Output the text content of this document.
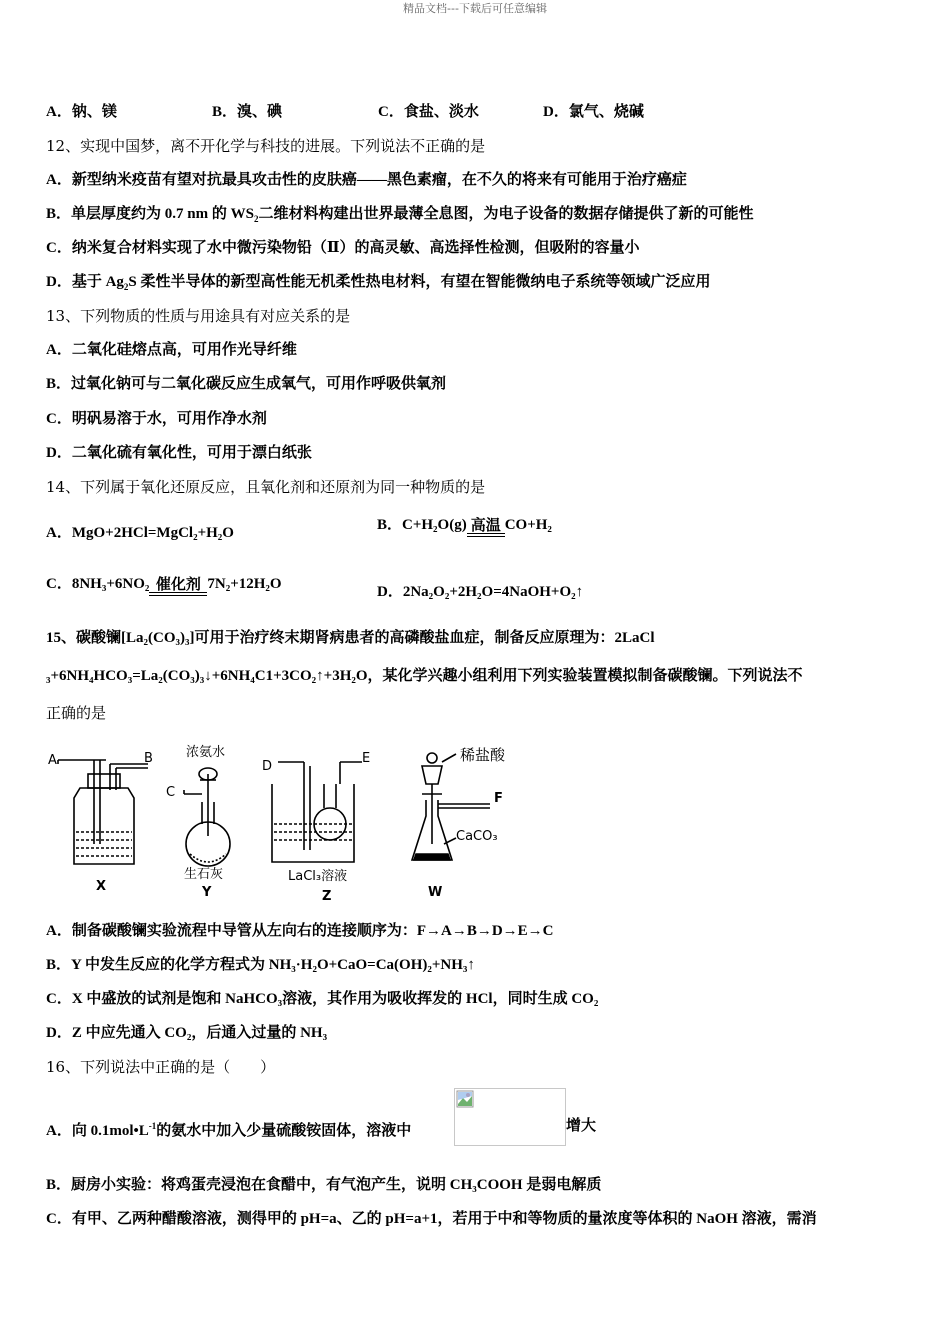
精品文档---下载后可任意编辑
A．钠、镁	B．溴、碘	C．食盐、淡水	D．氯气、烧碱
12、实现中国梦，离不开化学与科技的进展。下列说法不正确的是
A．新型纳米疫苗有望对抗最具攻击性的皮肤癌——黑色素瘤，在不久的将来有可能用于治疗癌症
B．单层厚度约为 0.7 nm 的 $WS_2$二维材料构建出世界最薄全息图，为电子设备的数据存储提供了新的可能性
C．纳米复合材料实现了水中微污染物铅（Ⅱ）的高灵敏、高选择性检测，但吸附的容量小
D．基于 $Ag_2S$ 柔性半导体的新型高性能无机柔性热电材料，有望在智能微纳电子系统等领域广泛应用
13、下列物质的性质与用途具有对应关系的是
A．二氧化硅熔点高，可用作光导纤维
B．过氧化钠可与二氧化碳反应生成氧气，可用作呼吸供氧剂
C．明矾易溶于水，可用作净水剂
D．二氧化硫有氧化性，可用于漂白纸张
14、下列属于氧化还原反应，且氧化剂和还原剂为同一种物质的是
A．MgO+2HCl=MgCl₂+H₂O	B．C+H₂O(g) 高温 CO+H₂
C．8NH₃+6NO₂ 催化剂 7N₂+12H₂O	D．2Na₂O₂+2H₂O=4NaOH+O₂↑
15、碳酸镧[La₂(CO₃)₃]可用于治疗终末期肾病患者的高磷酸盐血症，制备反应原理为：2LaCl
₃+6NH₄HCO₃=La₂(CO₃)₃↓+6NH₄C1+3CO₂↑+3H₂O，某化学兴趣小组利用下列实验装置模拟制备碳酸镧。下列说法不
正确的是
A	B
X
浓氨水
C
生石灰
Y
D
E
LaCl₃溶液
Z
稀盐酸
F
CaCO₃
W
A．制备碳酸镧实验流程中导管从左向右的连接顺序为：F→A→B→D→E→C
B．Y 中发生反应的化学方程式为 NH₃·H₂O+CaO=Ca(OH)₂+NH₃↑
C．X 中盛放的试剂是饱和 NaHCO₃溶液，其作用为吸收挥发的 HCl，同时生成 CO₂
D．Z 中应先通入 CO₂，后通入过量的 NH₃
16、下列说法中正确的是（　　）
A．向 $0.1mol•L^{-1}$的氨水中加入少量硫酸铵固体，溶液中	增大
B．厨房小实验：将鸡蛋壳浸泡在食醋中，有气泡产生，说明 CH₃COOH 是弱电解质
C．有甲、乙两种醋酸溶液，测得甲的 pH=a、乙的 pH=a+1，若用于中和等物质的量浓度等体积的 NaOH 溶液，需消
